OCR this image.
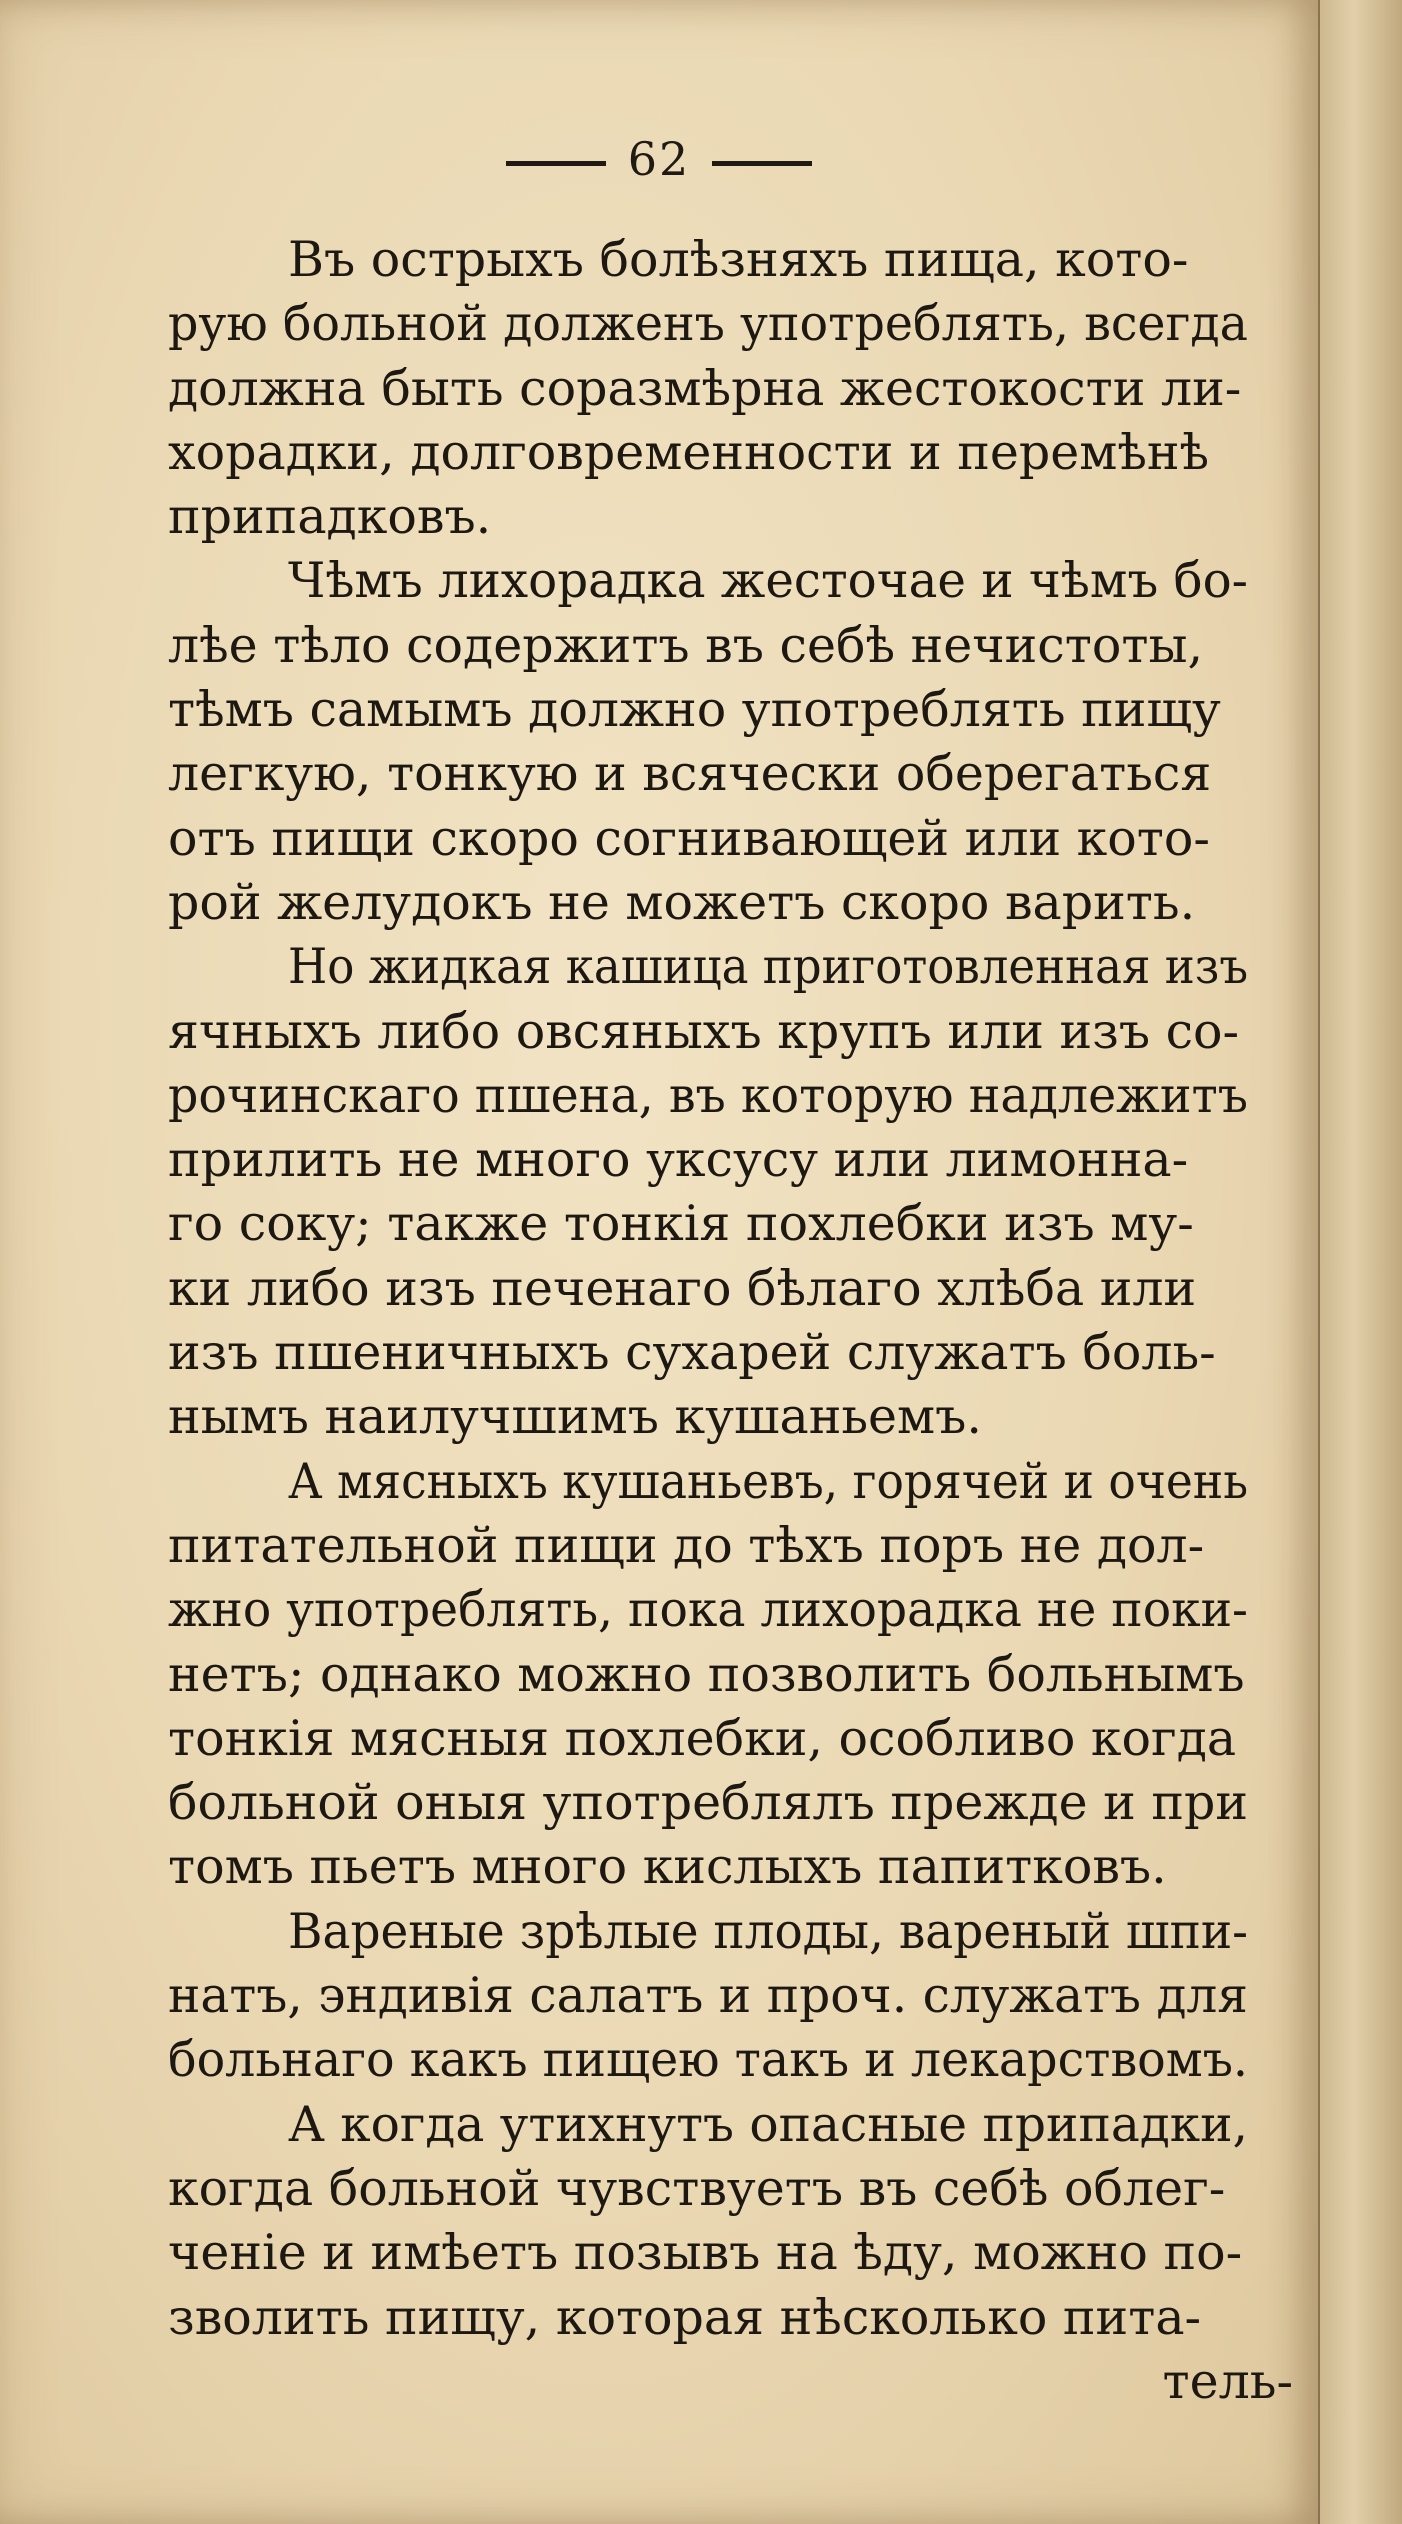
62
Въ острыхъ болѣзняхъ пища, кото-
рую больной долженъ употреблять, всегда
должна быть соразмѣрна жестокости ли-
хорадки, долговременности и перемѣнѣ
припадковъ.
Чѣмъ лихорадка жесточае и чѣмъ бо-
лѣе тѣло содержитъ въ себѣ нечистоты,
тѣмъ самымъ должно употреблять пищу
легкую, тонкую и всячески оберегаться
отъ пищи скоро согнивающей или кото-
рой желудокъ не можетъ скоро варить.
Но жидкая кашица приготовленная изъ
ячныхъ либо овсяныхъ крупъ или изъ со-
рочинскаго пшена, въ которую надлежитъ
прилить не много уксусу или лимонна-
го соку; также тонкія похлебки изъ му-
ки либо изъ печенаго бѣлаго хлѣба или
изъ пшеничныхъ сухарей служатъ боль-
нымъ наилучшимъ кушаньемъ.
А мясныхъ кушаньевъ, горячей и очень
питательной пищи до тѣхъ поръ не дол-
жно употреблять, пока лихорадка не поки-
нетъ; однако можно позволить больнымъ
тонкія мясныя похлебки, особливо когда
больной оныя употреблялъ прежде и при
томъ пьетъ много кислыхъ папитковъ.
Вареные зрѣлые плоды, вареный шпи-
натъ, эндивія салатъ и проч. служатъ для
больнаго какъ пищею такъ и лекарствомъ.
А когда утихнутъ опасные припадки,
когда больной чувствуетъ въ себѣ облег-
ченіе и имѣетъ позывъ на ѣду, можно по-
зволить пищу, которая нѣсколько пита-
тель-
